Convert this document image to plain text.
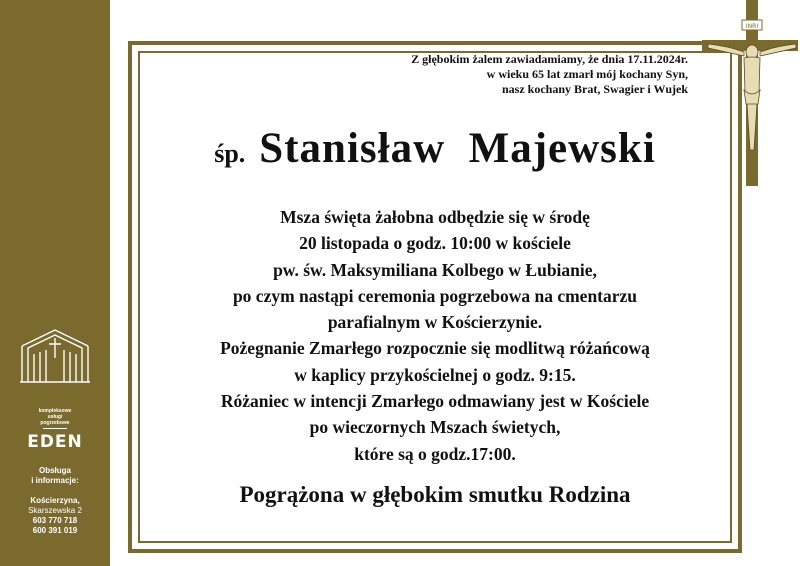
kompleksowe
usługi
pogrzebowe
EDEN
Obsługa
i informacje:
Kościerzyna,
Skarszewska 2
603 770 718
600 391 019
Z głębokim żalem zawiadamiamy, że dnia 17.11.2024r.
w wieku 65 lat zmarł mój kochany Syn,
nasz kochany Brat, Swagier i Wujek
śp. Stanisław  Majewski
Msza święta żałobna odbędzie się w środę
20 listopada o godz. 10:00 w kościele
pw. św. Maksymiliana Kolbego w Łubianie,
po czym nastąpi ceremonia pogrzebowa na cmentarzu
parafialnym w Kościerzynie.
Pożegnanie Zmarłego rozpocznie się modlitwą różańcową
w kaplicy przykościelnej o godz. 9:15.
Różaniec w intencji Zmarłego odmawiany jest w Kościele
po wieczornych Mszach świetych,
które są o godz.17:00.
Pogrążona w głębokim smutku Rodzina
INRI
